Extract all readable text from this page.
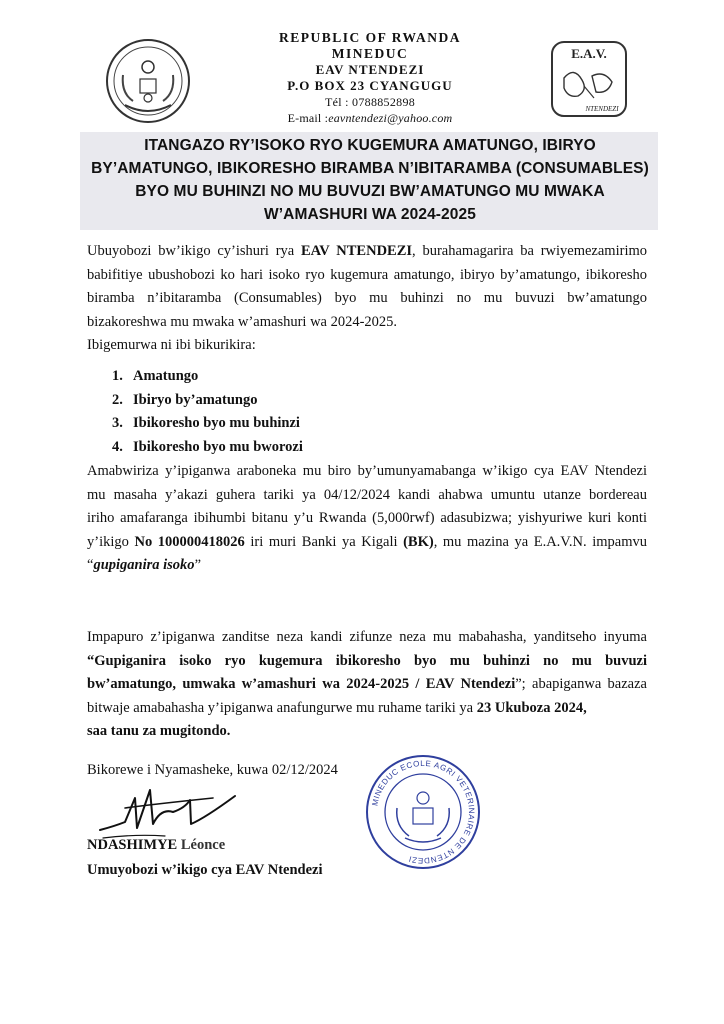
REPUBLIC OF RWANDA
MINEDUC
EAV NTENDEZI
P.O BOX 23 CYANGUGU
Tél : 0788852898
E-mail :eavntendezi@yahoo.com
E.A.V.
NTENDEZI
ITANGAZO RY’ISOKO RYO KUGEMURA AMATUNGO, IBIRYO
BY’AMATUNGO, IBIKORESHO BIRAMBA N’IBITARAMBA (CONSUMABLES)
BYO MU BUHINZI NO MU BUVUZI BW’AMATUNGO MU MWAKA
W’AMASHURI WA 2024-2025
Ubuyobozi bw’ikigo cy’ishuri rya EAV NTENDEZI, burahamagarira ba rwiyemezamirimo
babifitiye ubushobozi ko hari isoko ryo kugemura amatungo, ibiryo by’amatungo, ibikoresho
biramba n’ibitaramba (Consumables) byo mu buhinzi no mu buvuzi bw’amatungo
bizakoreshwa mu mwaka w’amashuri wa 2024-2025.
Ibigemurwa ni ibi bikurikira:
1. Amatungo
2. Ibiryo by’amatungo
3. Ibikoresho byo mu buhinzi
4. Ibikoresho byo mu bworozi
Amabwiriza y’ipiganwa araboneka mu biro by’umunyamabanga w’ikigo cya EAV Ntendezi
mu masaha y’akazi guhera tariki ya 04/12/2024 kandi ahabwa umuntu utanze bordereau
iriho amafaranga ibihumbi bitanu y’u Rwanda (5,000rwf) adasubizwa; yishyuriwe kuri konti
y’ikigo No 100000418026 iri muri Banki ya Kigali (BK), mu mazina ya E.A.V.N. impamvu
“gupiganira isoko”
Impapuro z’ipiganwa zanditse neza kandi zifunze neza mu mabahasha, yanditseho inyuma
“Gupiganira isoko ryo kugemura ibikoresho byo mu buhinzi no mu buvuzi
bw’amatungo, umwaka w’amashuri wa 2024-2025 / EAV Ntendezi”; abapiganwa bazaza
bitwaje amabahasha y’ipiganwa anafungurwe mu ruhame tariki ya 23 Ukuboza 2024,
saa tanu za mugitondo.
Bikorewe i Nyamasheke, kuwa 02/12/2024
NDASHIMYE Léonce
Umuyobozi w’ikigo cya EAV Ntendezi
MINEDUC ECOLE AGRI VETERINAIRE DE NTENDEZI
